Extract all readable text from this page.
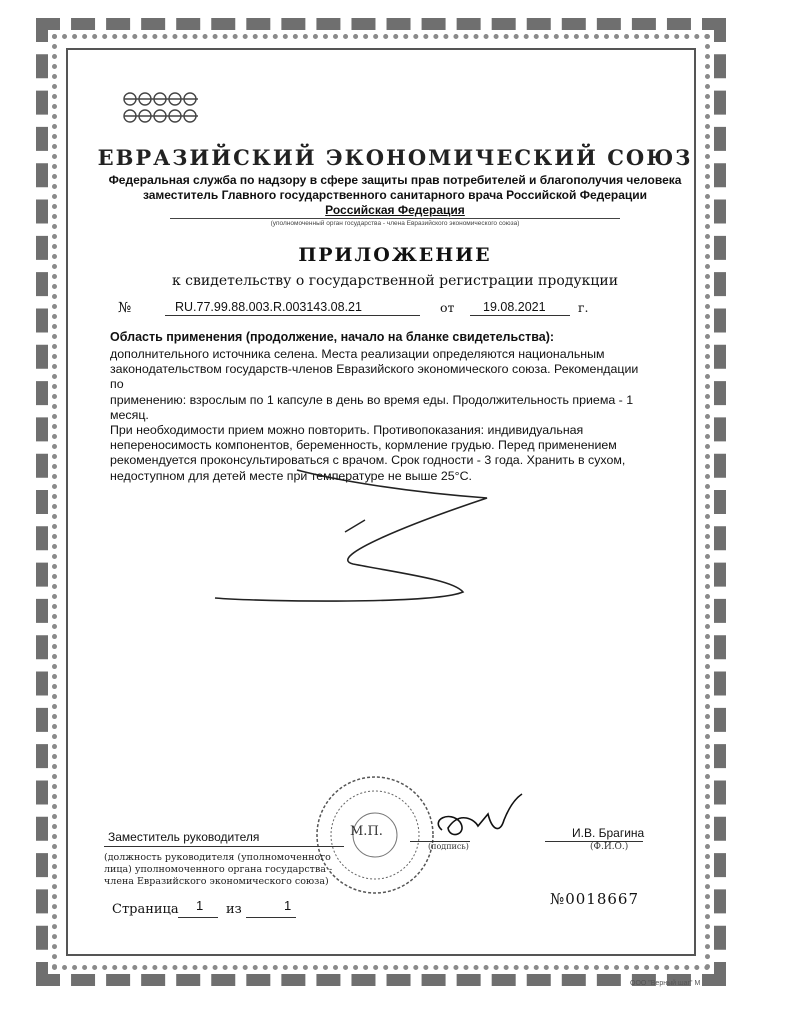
ЕВРАЗИЙСКИЙ ЭКОНОМИЧЕСКИЙ СОЮЗ
Федеральная служба по надзору в сфере защиты прав потребителей и благополучия человека
заместитель Главного государственного санитарного врача Российской Федерации
Российская Федерация
(уполномоченный орган государства - члена Евразийского экономического союза)
ПРИЛОЖЕНИЕ
к свидетельству о государственной регистрации продукции
№	RU.77.99.88.003.R.003143.08.21	от 19.08.2021	г.
Область применения (продолжение, начало на бланке свидетельства):
дополнительного источника селена. Места реализации определяются национальным
законодательством государств-членов Евразийского экономического союза. Рекомендации по
применению: взрослым по 1 капсуле в день во время еды. Продолжительность приема - 1 месяц.
При необходимости прием можно повторить. Противопоказания: индивидуальная
непереносимость компонентов, беременность, кормление грудью. Перед применением
рекомендуется проконсультироваться с врачом. Срок годности - 3 года. Хранить в сухом,
недоступном для детей месте при температуре не выше 25°С.
М.П.
Заместитель руководителя	И.В. Брагина
(Ф.И.О.)
(подпись)
(должность руководителя (уполномоченного
лица) уполномоченного органа государства -
члена Евразийского экономического союза)
Страница 1 из	1	№0018667
ООО "Верный шаг" М
